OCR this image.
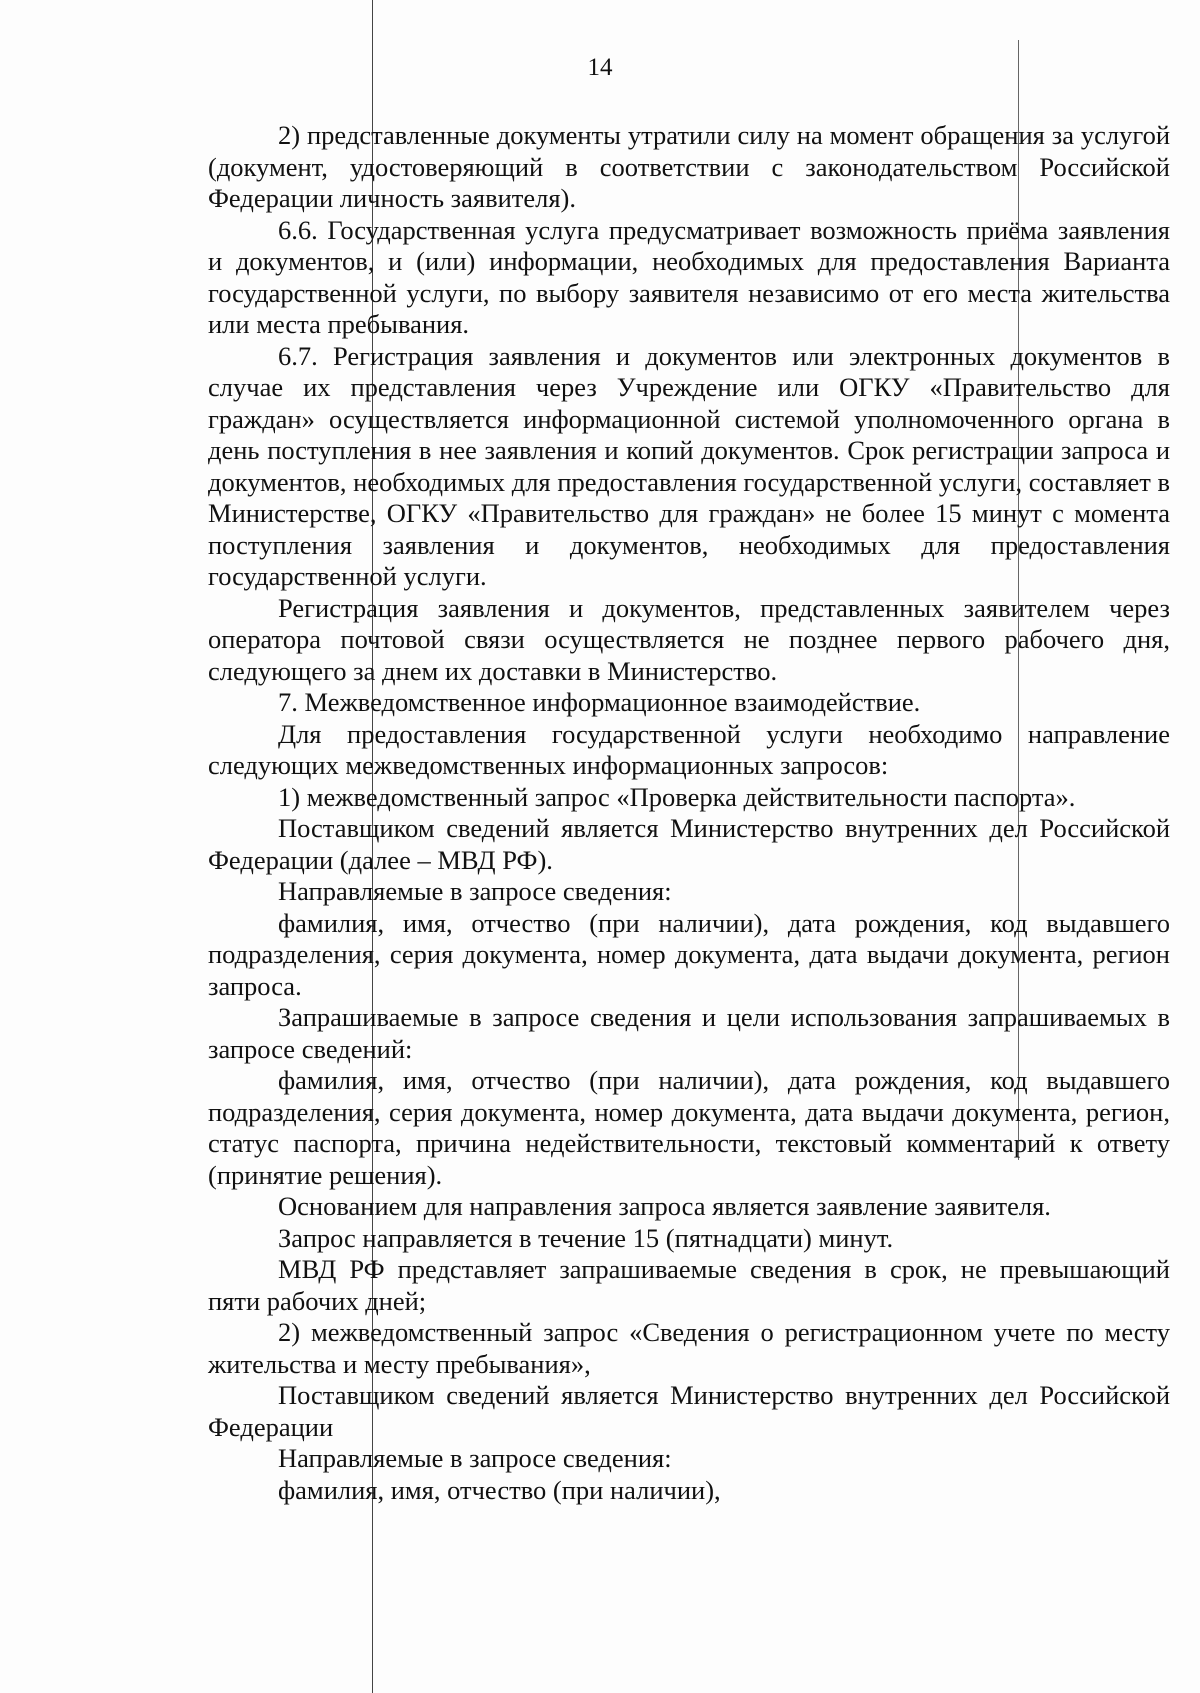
14

2) представленные документы утратили силу на момент обращения за услугой (документ, удостоверяющий в соответствии с законодательством Российской Федерации личность заявителя).

6.6. Государственная услуга предусматривает возможность приёма заявления и документов, и (или) информации, необходимых для предоставления Варианта государственной услуги, по выбору заявителя независимо от его места жительства или места пребывания.

6.7. Регистрация заявления и документов или электронных документов в случае их представления через Учреждение или ОГКУ «Правительство для граждан» осуществляется информационной системой уполномоченного органа в день поступления в нее заявления и копий документов. Срок регистрации запроса и документов, необходимых для предоставления государственной услуги, составляет в Министерстве, ОГКУ «Правительство для граждан» не более 15 минут с момента поступления заявления и документов, необходимых для предоставления государственной услуги.

Регистрация заявления и документов, представленных заявителем через оператора почтовой связи осуществляется не позднее первого рабочего дня, следующего за днем их доставки в Министерство.

7. Межведомственное информационное взаимодействие.

Для предоставления государственной услуги необходимо направление следующих межведомственных информационных запросов:

1) межведомственный запрос «Проверка действительности паспорта».

Поставщиком сведений является Министерство внутренних дел Российской Федерации (далее – МВД РФ).

Направляемые в запросе сведения:

фамилия, имя, отчество (при наличии), дата рождения, код выдавшего подразделения, серия документа, номер документа, дата выдачи документа, регион запроса.

Запрашиваемые в запросе сведения и цели использования запрашиваемых в запросе сведений:

фамилия, имя, отчество (при наличии), дата рождения, код выдавшего подразделения, серия документа, номер документа, дата выдачи документа, регион, статус паспорта, причина недействительности, текстовый комментарий к ответу (принятие решения).

Основанием для направления запроса является заявление заявителя.

Запрос направляется в течение 15 (пятнадцати) минут.

МВД РФ представляет запрашиваемые сведения в срок, не превышающий пяти рабочих дней;

2) межведомственный запрос «Сведения о регистрационном учете по месту жительства и месту пребывания»,

Поставщиком сведений является Министерство внутренних дел Российской Федерации

Направляемые в запросе сведения:

фамилия, имя, отчество (при наличии),
